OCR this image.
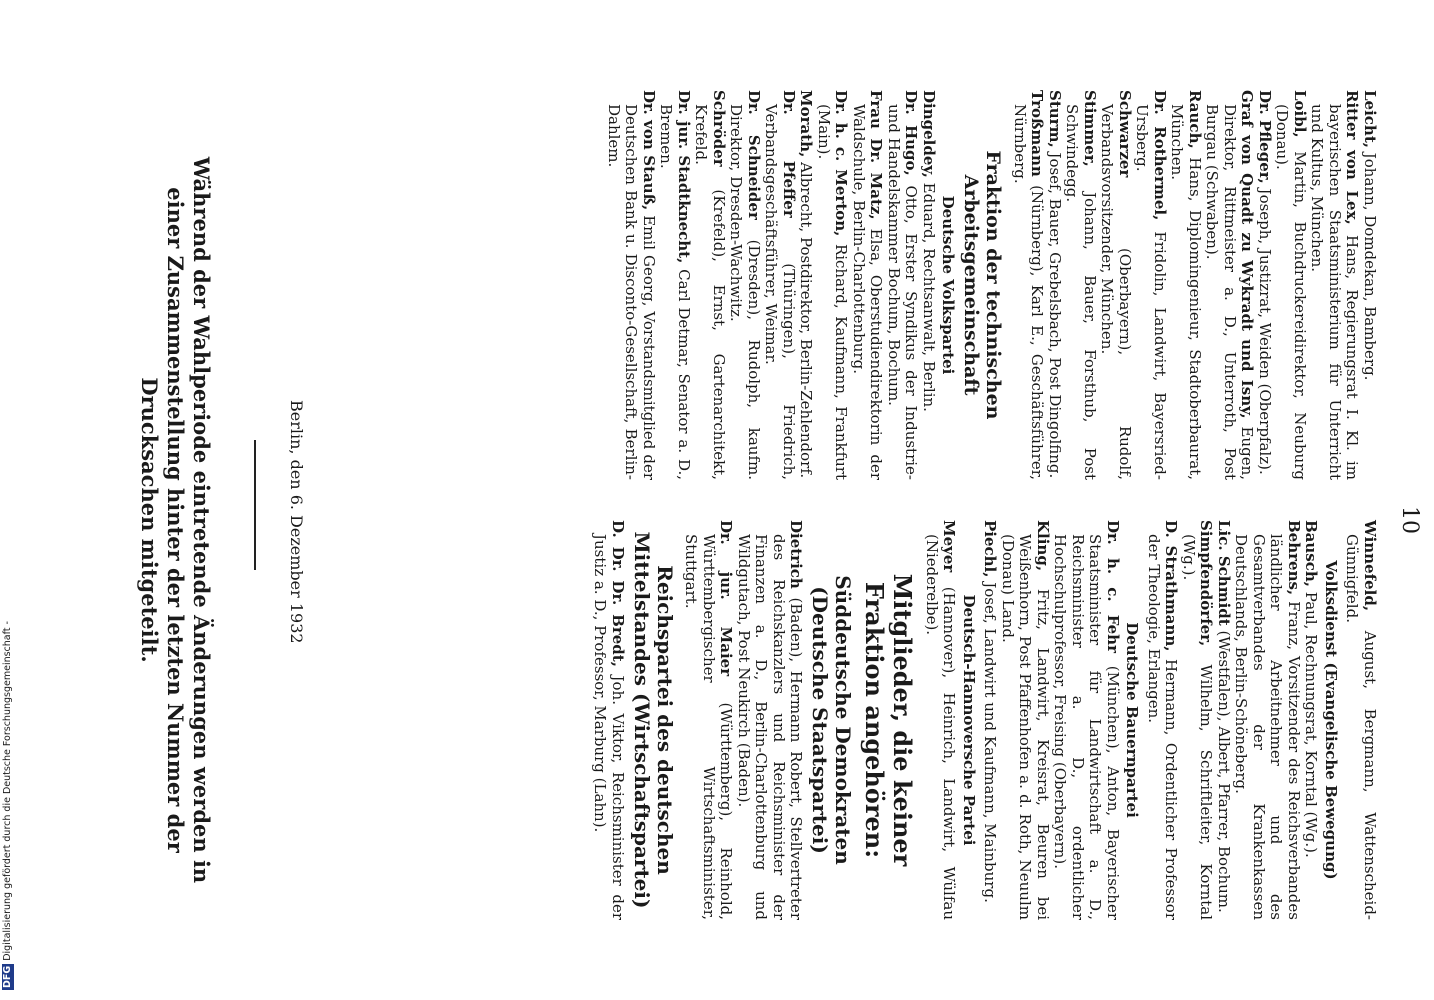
10

Leicht, Johann, Domdekan, Bamberg.

Ritter von Lex, Hans, Regierungsrat I. Kl. im bayerischen Staatsministerium für Unterricht und Kultus, München.

Loibl, Martin, Buchdruckereidirektor, Neuburg (Donau).

Dr. Pfleger, Joseph, Justizrat, Weiden (Oberpfalz).

Graf von Quadt zu Wykradt und Isny, Eugen, Direktor, Rittmeister a. D., Unterroth, Post Burgau (Schwaben).

Rauch, Hans, Diplomingenieur, Stadtoberbaurat, München.

Dr. Rothermel, Fridolin, Landwirt, Bayersried-Ursberg.

Schwarzer (Oberbayern), Rudolf, Verbandsvorsitzender, München.

Stimmer, Johann, Bauer, Forsthub, Post Schwindegg.

Sturm, Josef, Bauer, Grebelsbach, Post Dingolfing.

Troßmann (Nürnberg), Karl E., Geschäftsführer, Nürnberg.

Fraktion der technischen Arbeitsgemeinschaft

Deutsche Volkspartei

Dingeldey, Eduard, Rechtsanwalt, Berlin.

Dr. Hugo, Otto, Erster Syndikus der Industrie- und Handelskammer Bochum, Bochum.

Frau Dr. Matz, Elsa, Oberstudiendirektorin der Waldschule, Berlin-Charlottenburg.

Dr. h. c. Merton, Richard, Kaufmann, Frankfurt (Main).

Morath, Albrecht, Postdirektor, Berlin-Zehlendorf.

Dr. Pfeffer (Thüringen), Friedrich, Verbandsgeschäftsführer, Weimar.

Dr. Schneider (Dresden), Rudolph, kaufm. Direktor, Dresden-Wachwitz.

Schröder (Krefeld), Ernst, Gartenarchitekt, Krefeld.

Dr. jur. Stadtknecht, Carl Detmar, Senator a. D., Bremen.

Dr. von Stauß, Emil Georg, Vorstandsmitglied der Deutschen Bank u. Disconto-Gesellschaft, Berlin-Dahlem.

Winnefeld, August, Bergmann, Wattenscheid-Günnigfeld.

Volksdienst (Evangelische Bewegung)

Bausch, Paul, Rechnungsrat, Korntal (Wg.).

Behrens, Franz, Vorsitzender des Reichsverbandes ländlicher Arbeitnehmer und des Gesamtverbandes der Krankenkassen Deutschlands, Berlin-Schöneberg.

Lic. Schmidt (Westfalen), Albert, Pfarrer, Bochum.

Simpfendörfer, Wilhelm, Schriftleiter, Korntal (Wg.).

D. Strathmann, Hermann, Ordentlicher Professor der Theologie, Erlangen.

Deutsche Bauernpartei

Dr. h. c. Fehr (München), Anton, Bayerischer Staatsminister für Landwirtschaft a. D., Reichsminister a. D., ordentlicher Hochschulprofessor, Freising (Oberbayern).

Kling, Fritz, Landwirt, Kreisrat, Beuren bei Weißenhorn, Post Pfaffenhofen a. d. Roth, Neuulm (Donau) Land.

Piechl, Josef, Landwirt und Kaufmann, Mainburg.

Deutsch-Hannoversche Partei

Meyer (Hannover), Heinrich, Landwirt, Wülfau (Niederelbe).

Mitglieder, die keiner Fraktion angehören:

Süddeutsche Demokraten (Deutsche Staatspartei)

Dietrich (Baden), Hermann Robert, Stellvertreter des Reichskanzlers und Reichsminister der Finanzen a. D., Berlin-Charlottenburg und Wildgutach, Post Neukirch (Baden).

Dr. jur. Maier (Württemberg), Reinhold, Württembergischer Wirtschaftsminister, Stuttgart.

Reichspartei des deutschen Mittelstandes (Wirtschaftspartei)

D. Dr. Dr. Bredt, Joh. Viktor, Reichsminister der Justiz a. D., Professor, Marburg (Lahn).

Berlin, den 6. Dezember 1932
Während der Wahlperiode eintretende Änderungen werden in einer Zusammenstellung hinter der letzten Nummer der Drucksachen mitgeteilt.
DFG Digitalisierung gefördert durch die Deutsche Forschungsgemeinschaft -
